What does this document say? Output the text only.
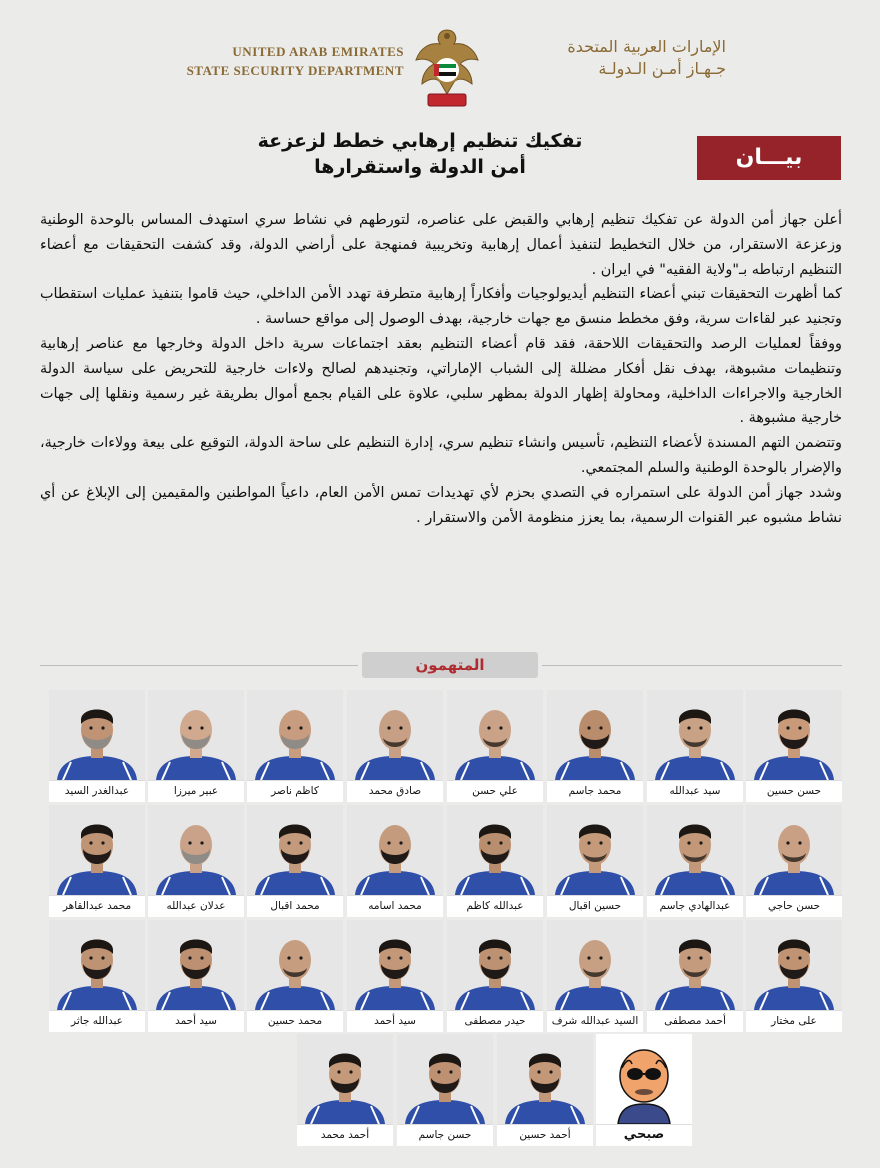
UNITED ARAB EMIRATES
STATE SECURITY DEPARTMENT
الإمارات العربية المتحدة
جـهـاز أمـن الـدولـة
تفكيك تنظيم إرهابي خطط لزعزعة
أمن الدولة واستقرارها	بيـــان

أعلن جهاز أمن الدولة عن تفكيك تنظيم إرهابي والقبض على عناصره، لتورطهم في نشاط سري استهدف المساس بالوحدة الوطنية وزعزعة الاستقرار، من خلال التخطيط لتنفيذ أعمال إرهابية وتخريبية فمنهجة على أراضي الدولة، وقد كشفت التحقيقات مع أعضاء التنظيم ارتباطه بـ"ولاية الفقيه" في ايران .

كما أظهرت التحقيقات تبني أعضاء التنظيم أيديولوجيات وأفكاراً إرهابية متطرفة تهدد الأمن الداخلي، حيث قاموا بتنفيذ عمليات استقطاب وتجنيد عبر لقاءات سرية، وفق مخطط منسق مع جهات خارجية، بهدف الوصول إلى مواقع حساسة .

ووفقاً لعمليات الرصد والتحقيقات اللاحقة، فقد قام أعضاء التنظيم بعقد اجتماعات سرية داخل الدولة وخارجها مع عناصر إرهابية وتنظيمات مشبوهة، بهدف نقل أفكار مضللة إلى الشباب الإماراتي، وتجنيدهم لصالح ولاءات خارجية للتحريض على سياسة الدولة الخارجية والاجراءات الداخلية، ومحاولة إظهار الدولة بمظهر سلبي، علاوة على القيام بجمع أموال بطريقة غير رسمية ونقلها إلى جهات خارجية مشبوهة .

وتتضمن التهم المسندة لأعضاء التنظيم، تأسيس وانشاء تنظيم سري، إدارة التنظيم على ساحة الدولة، التوقيع على بيعة وولاءات خارجية، والإضرار بالوحدة الوطنية والسلم المجتمعي.

وشدد جهاز أمن الدولة على استمراره في التصدي بحزم لأي تهديدات تمس الأمن العام، داعياً المواطنين والمقيمين إلى الإبلاغ عن أي نشاط مشبوه عبر القنوات الرسمية، بما يعزز منظومة الأمن والاستقرار .

المتهمون
حسن حسين
سيد عبدالله
محمد جاسم
علي حسن
صادق محمد
كاظم ناصر
عبير ميرزا
عبدالغدر السيد
حسن حاجي
عبدالهادي جاسم
حسين اقبال
عبدالله كاظم
محمد اسامه
محمد اقبال
عدلان عبدالله
محمد عبدالقاهر
على مختار
أحمد مصطفى
السيد عبدالله شرف
حيدر مصطفى
سيد أحمد
محمد حسين
سيد أحمد
عبدالله جاثر
صبحي
أحمد حسين
حسن جاسم
أحمد محمد
